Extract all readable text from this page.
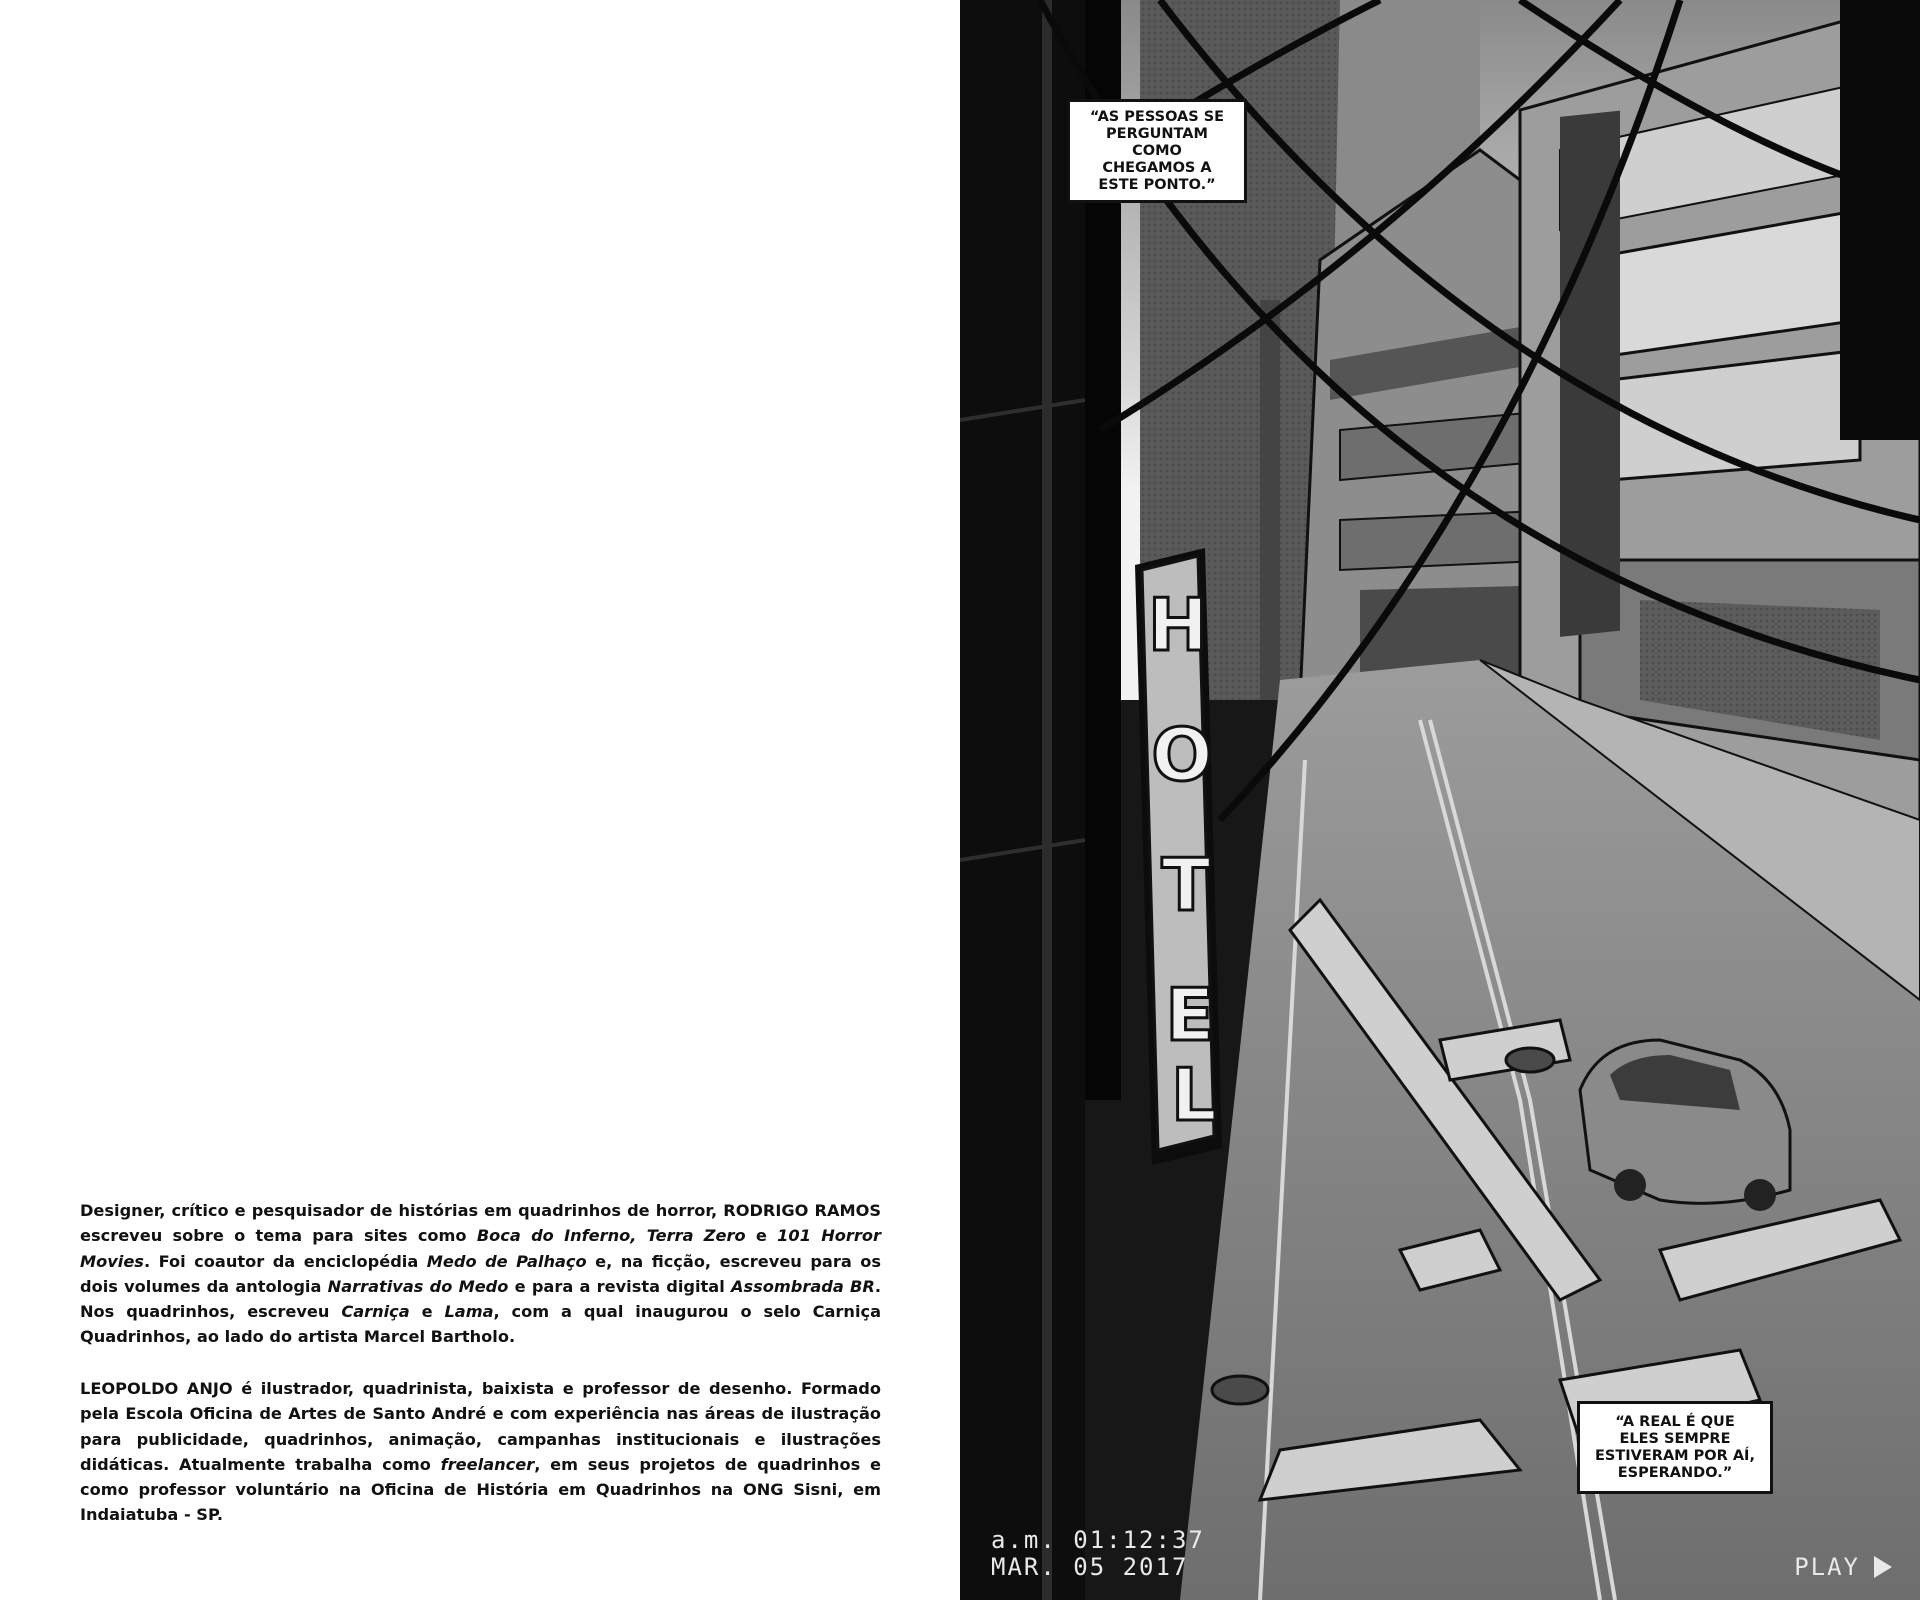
Designer, crítico e pesquisador de histórias em quadrinhos de horror, RODRIGO RAMOS escreveu sobre o tema para sites como Boca do Inferno, Terra Zero e 101 Horror Movies. Foi coautor da enciclopédia Medo de Palhaço e, na ficção, escreveu para os dois volumes da antologia Narrativas do Medo e para a revista digital Assombrada BR. Nos quadrinhos, escreveu Carniça e Lama, com a qual inaugurou o selo Carniça Quadrinhos, ao lado do artista Marcel Bartholo.

LEOPOLDO ANJO é ilustrador, quadrinista, baixista e professor de desenho. Formado pela Escola Oficina de Artes de Santo André e com experiência nas áreas de ilustração para publicidade, quadrinhos, animação, campanhas institucionais e ilustrações didáticas. Atualmente trabalha como freelancer, em seus projetos de quadrinhos e como professor voluntário na Oficina de História em Quadrinhos na ONG Sisni, em Indaiatuba - SP.

H
O
T
E
L
“AS PESSOAS SE PERGUNTAM COMO CHEGAMOS A ESTE PONTO.”
“A REAL É QUE ELES SEMPRE ESTIVERAM POR AÍ, ESPERANDO.”
a.m. 01:12:37
MAR. 05 2017	PLAY
